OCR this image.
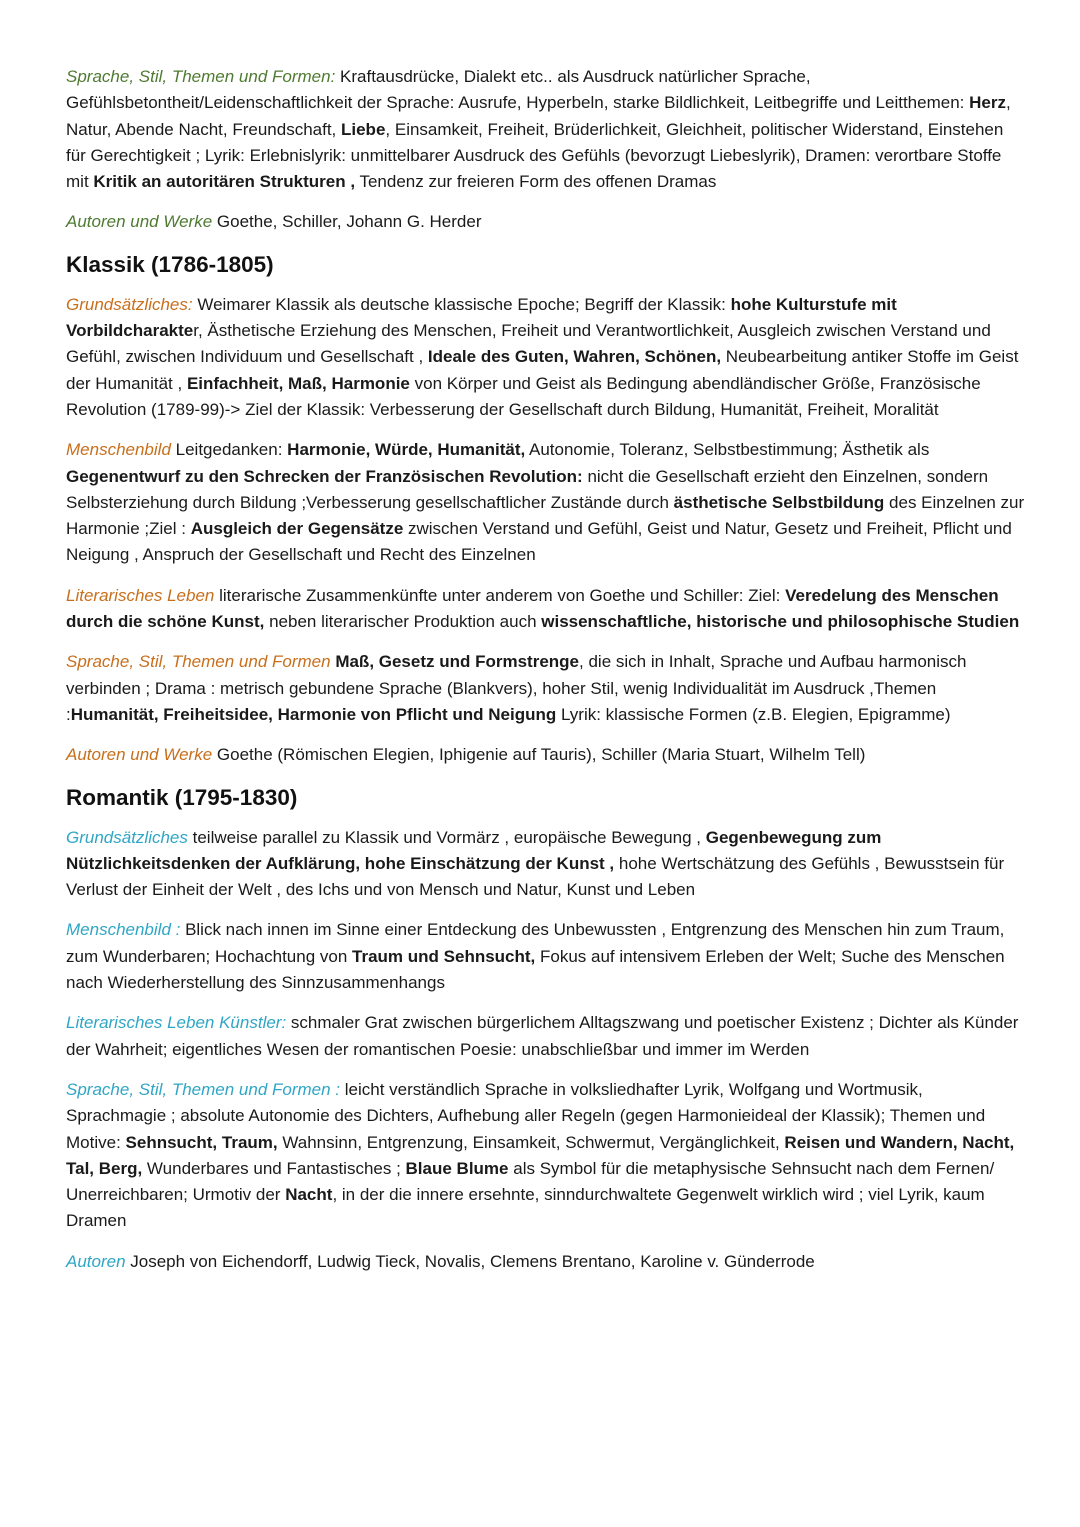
Sprache, Stil, Themen und Formen: Kraftausdrücke, Dialekt etc.. als Ausdruck natürlicher Sprache, Gefühlsbetontheit/Leidenschaftlichkeit der Sprache: Ausrufe, Hyperbeln, starke Bildlichkeit, Leitbegriffe und Leitthemen: Herz, Natur, Abende Nacht, Freundschaft, Liebe, Einsamkeit, Freiheit, Brüderlichkeit, Gleichheit, politischer Widerstand, Einstehen für Gerechtigkeit ; Lyrik: Erlebnislyrik: unmittelbarer Ausdruck des Gefühls (bevorzugt Liebeslyrik), Dramen: verortbare Stoffe mit Kritik an autoritären Strukturen , Tendenz zur freieren Form des offenen Dramas

Autoren und Werke Goethe, Schiller, Johann G. Herder

Klassik (1786-1805)

Grundsätzliches: Weimarer Klassik als deutsche klassische Epoche; Begriff der Klassik: hohe Kulturstufe mit Vorbildcharakter, Ästhetische Erziehung des Menschen, Freiheit und Verantwortlichkeit, Ausgleich zwischen Verstand und Gefühl, zwischen Individuum und Gesellschaft , Ideale des Guten, Wahren, Schönen, Neubearbeitung antiker Stoffe im Geist der Humanität , Einfachheit, Maß, Harmonie von Körper und Geist als Bedingung abendländischer Größe, Französische Revolution (1789-99)-> Ziel der Klassik: Verbesserung der Gesellschaft durch Bildung, Humanität, Freiheit, Moralität

Menschenbild Leitgedanken: Harmonie, Würde, Humanität, Autonomie, Toleranz, Selbstbestimmung; Ästhetik als Gegenentwurf zu den Schrecken der Französischen Revolution: nicht die Gesellschaft erzieht den Einzelnen, sondern Selbsterziehung durch Bildung ;Verbesserung gesellschaftlicher Zustände durch ästhetische Selbstbildung des Einzelnen zur Harmonie ;Ziel : Ausgleich der Gegensätze zwischen Verstand und Gefühl, Geist und Natur, Gesetz und Freiheit, Pflicht und Neigung , Anspruch der Gesellschaft und Recht des Einzelnen

Literarisches Leben literarische Zusammenkünfte unter anderem von Goethe und Schiller: Ziel: Veredelung des Menschen durch die schöne Kunst, neben literarischer Produktion auch wissenschaftliche, historische und philosophische Studien

Sprache, Stil, Themen und Formen Maß, Gesetz und Formstrenge, die sich in Inhalt, Sprache und Aufbau harmonisch verbinden ; Drama : metrisch gebundene Sprache (Blankvers), hoher Stil, wenig Individualität im Ausdruck ,Themen :Humanität, Freiheitsidee, Harmonie von Pflicht und Neigung Lyrik: klassische Formen (z.B. Elegien, Epigramme)

Autoren und Werke Goethe (Römischen Elegien, Iphigenie auf Tauris), Schiller (Maria Stuart, Wilhelm Tell)

Romantik (1795-1830)

Grundsätzliches teilweise parallel zu Klassik und Vormärz , europäische Bewegung , Gegenbewegung zum Nützlichkeitsdenken der Aufklärung, hohe Einschätzung der Kunst , hohe Wertschätzung des Gefühls , Bewusstsein für Verlust der Einheit der Welt , des Ichs und von Mensch und Natur, Kunst und Leben

Menschenbild : Blick nach innen im Sinne einer Entdeckung des Unbewussten , Entgrenzung des Menschen hin zum Traum, zum Wunderbaren; Hochachtung von Traum und Sehnsucht, Fokus auf intensivem Erleben der Welt; Suche des Menschen nach Wiederherstellung des Sinnzusammenhangs

Literarisches Leben Künstler: schmaler Grat zwischen bürgerlichem Alltagszwang und poetischer Existenz ; Dichter als Künder der Wahrheit; eigentliches Wesen der romantischen Poesie: unabschließbar und immer im Werden

Sprache, Stil, Themen und Formen : leicht verständlich Sprache in volksliedhafter Lyrik, Wolfgang und Wortmusik, Sprachmagie ; absolute Autonomie des Dichters, Aufhebung aller Regeln (gegen Harmonieideal der Klassik); Themen und Motive: Sehnsucht, Traum, Wahnsinn, Entgrenzung, Einsamkeit, Schwermut, Vergänglichkeit, Reisen und Wandern, Nacht, Tal, Berg, Wunderbares und Fantastisches ; Blaue Blume als Symbol für die metaphysische Sehnsucht nach dem Fernen/ Unerreichbaren; Urmotiv der Nacht, in der die innere ersehnte, sinndurchwaltete Gegenwelt wirklich wird ; viel Lyrik, kaum Dramen

Autoren Joseph von Eichendorff, Ludwig Tieck, Novalis, Clemens Brentano, Karoline v. Günderrode
